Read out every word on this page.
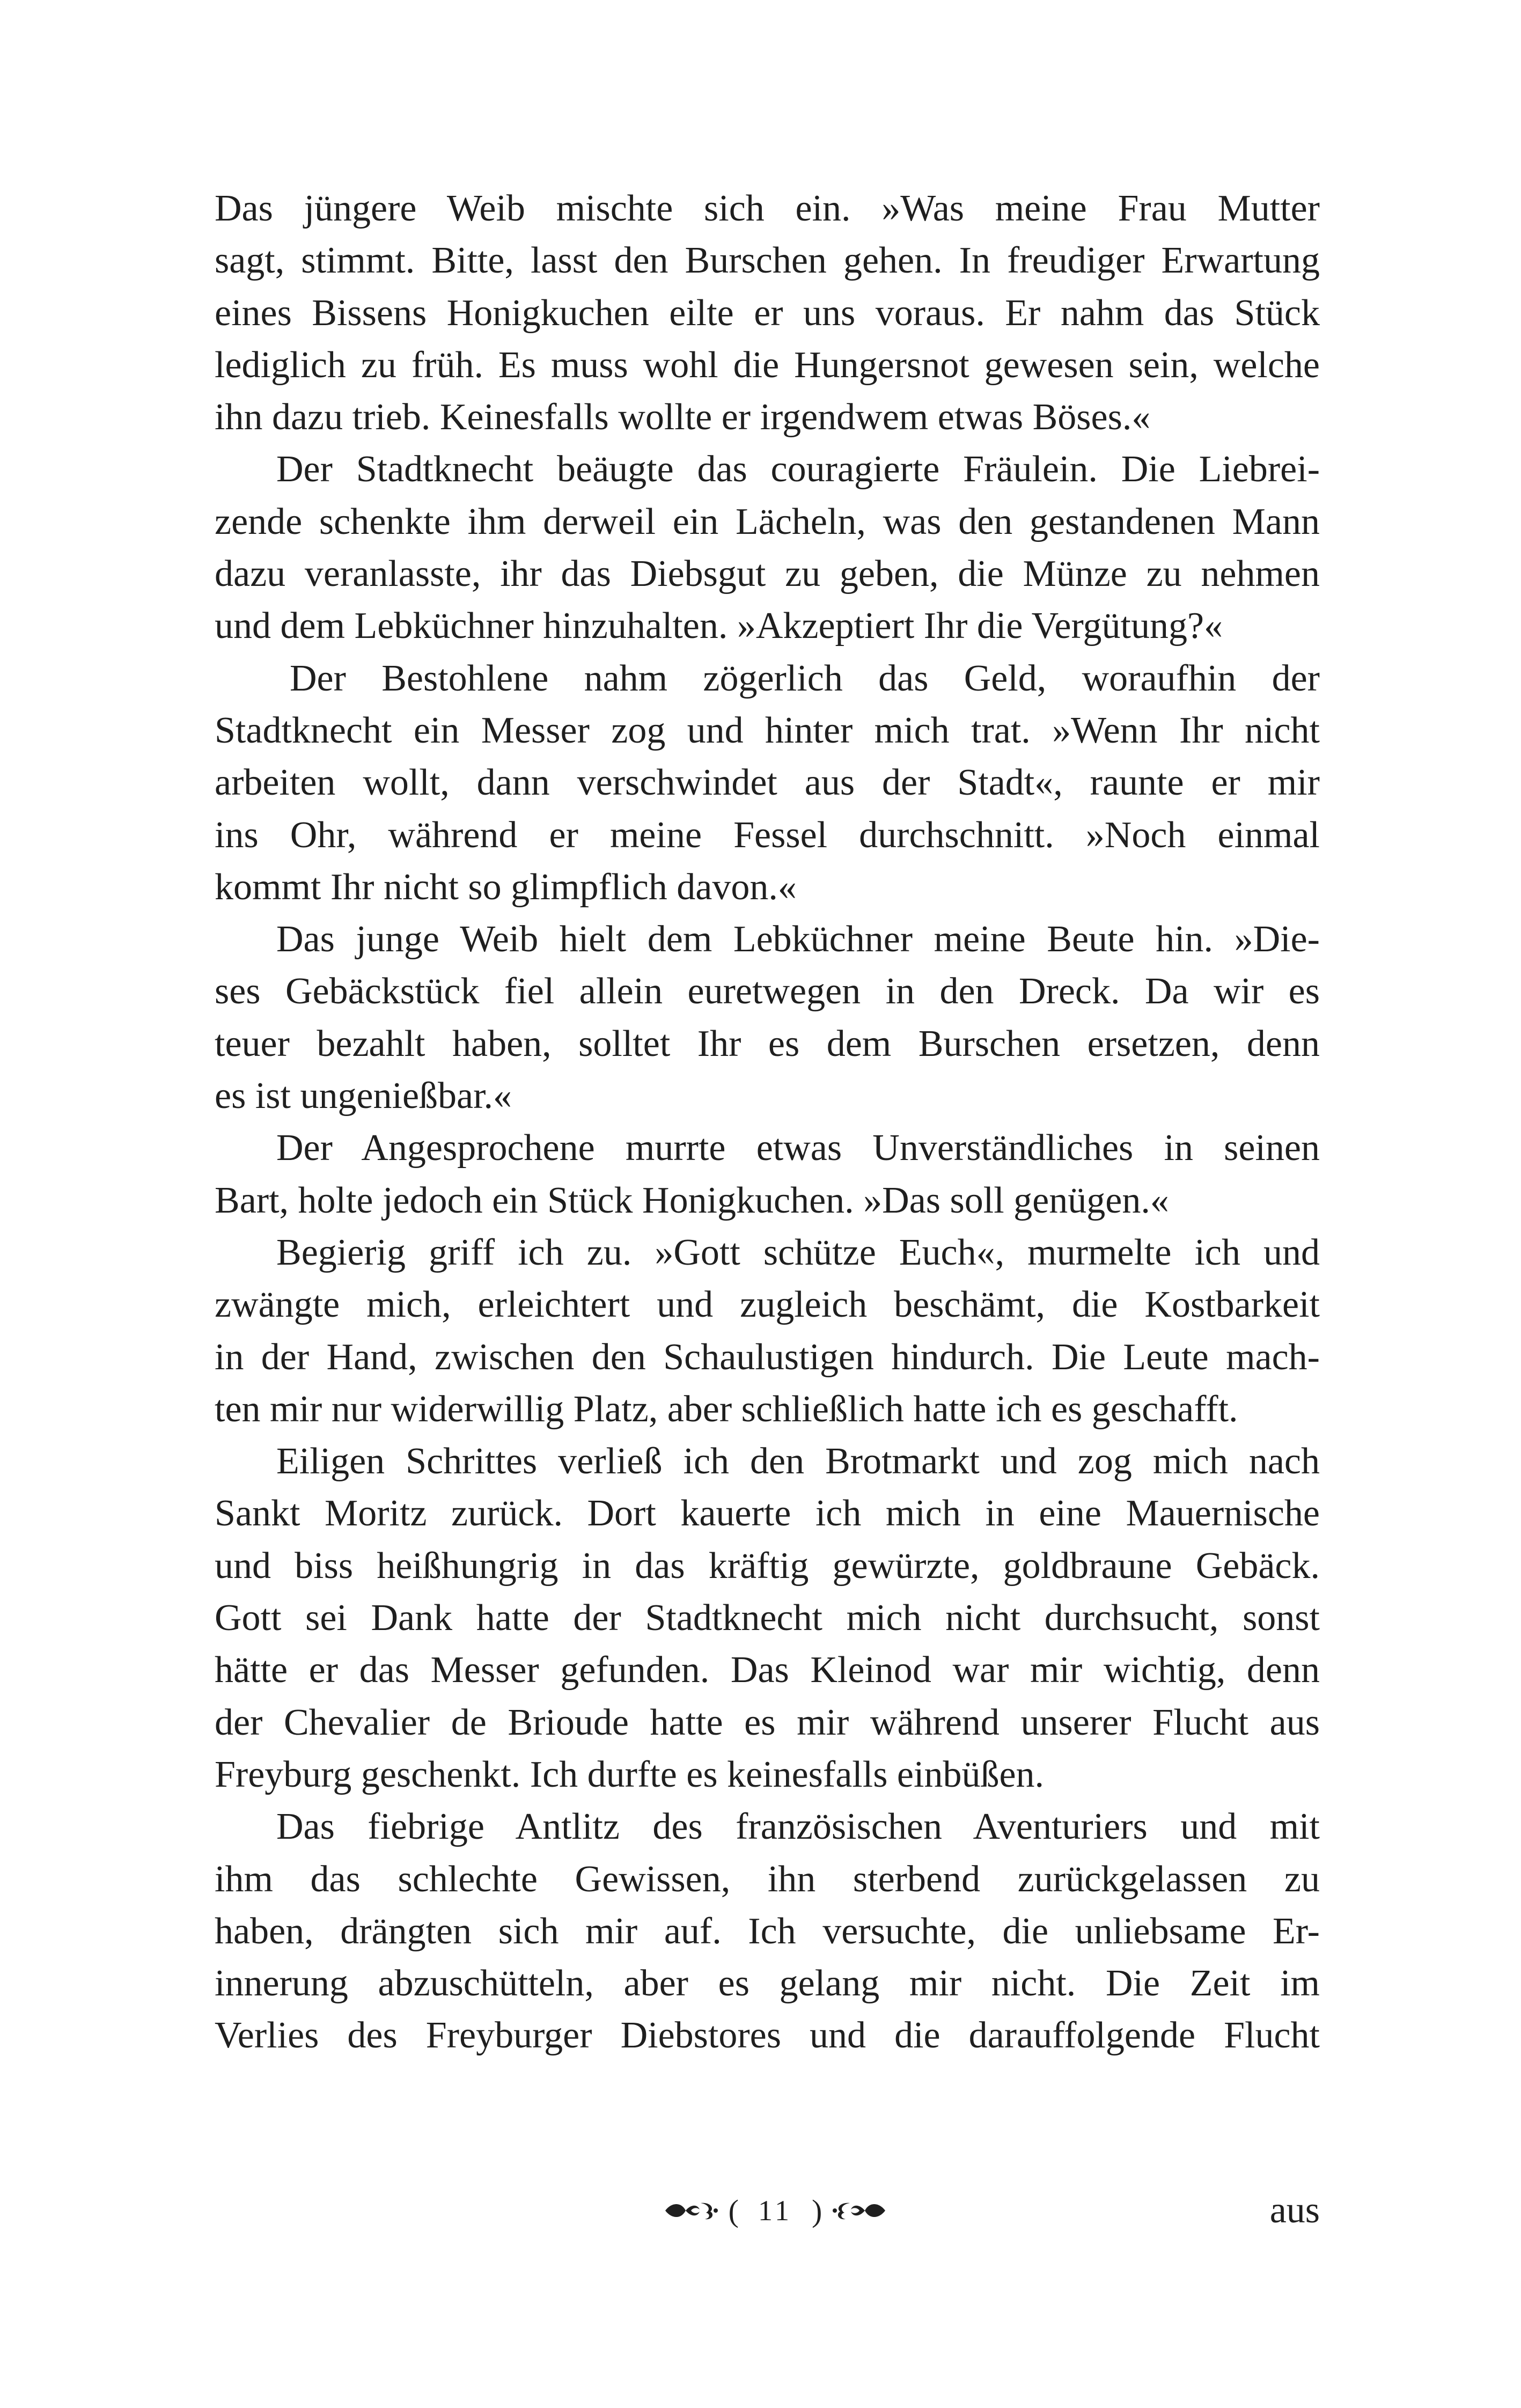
Das jüngere Weib mischte sich ein. »Was meine Frau Mutter
sagt, stimmt. Bitte, lasst den Burschen gehen. In freudiger Erwartung
eines Bissens Honigkuchen eilte er uns voraus. Er nahm das Stück
lediglich zu früh. Es muss wohl die Hungersnot gewesen sein, welche
ihn dazu trieb. Keinesfalls wollte er irgendwem etwas Böses.«
Der Stadtknecht beäugte das couragierte Fräulein. Die Liebrei-
zende schenkte ihm derweil ein Lächeln, was den gestandenen Mann
dazu veranlasste, ihr das Diebsgut zu geben, die Münze zu nehmen
und dem Lebküchner hinzuhalten. »Akzeptiert Ihr die Vergütung?«
Der Bestohlene nahm zögerlich das Geld, woraufhin der
Stadtknecht ein Messer zog und hinter mich trat. »Wenn Ihr nicht
arbeiten wollt, dann verschwindet aus der Stadt«, raunte er mir
ins Ohr, während er meine Fessel durchschnitt. »Noch einmal
kommt Ihr nicht so glimpflich davon.«
Das junge Weib hielt dem Lebküchner meine Beute hin. »Die-
ses Gebäckstück fiel allein euretwegen in den Dreck. Da wir es
teuer bezahlt haben, solltet Ihr es dem Burschen ersetzen, denn
es ist ungenießbar.«
Der Angesprochene murrte etwas Unverständliches in seinen
Bart, holte jedoch ein Stück Honigkuchen. »Das soll genügen.«
Begierig griff ich zu. »Gott schütze Euch«, murmelte ich und
zwängte mich, erleichtert und zugleich beschämt, die Kostbarkeit
in der Hand, zwischen den Schaulustigen hindurch. Die Leute mach-
ten mir nur widerwillig Platz, aber schließlich hatte ich es geschafft.
Eiligen Schrittes verließ ich den Brotmarkt und zog mich nach
Sankt Moritz zurück. Dort kauerte ich mich in eine Mauernische
und biss heißhungrig in das kräftig gewürzte, goldbraune Gebäck.
Gott sei Dank hatte der Stadtknecht mich nicht durchsucht, sonst
hätte er das Messer gefunden. Das Kleinod war mir wichtig, denn
der Chevalier de Brioude hatte es mir während unserer Flucht aus
Freyburg geschenkt. Ich durfte es keinesfalls einbüßen.
Das fiebrige Antlitz des französischen Aventuriers und mit
ihm das schlechte Gewissen, ihn sterbend zurückgelassen zu
haben, drängten sich mir auf. Ich versuchte, die unliebsame Er-
innerung abzuschütteln, aber es gelang mir nicht. Die Zeit im
Verlies des Freyburger Diebstores und die darauffolgende Flucht
( 11 )	aus
